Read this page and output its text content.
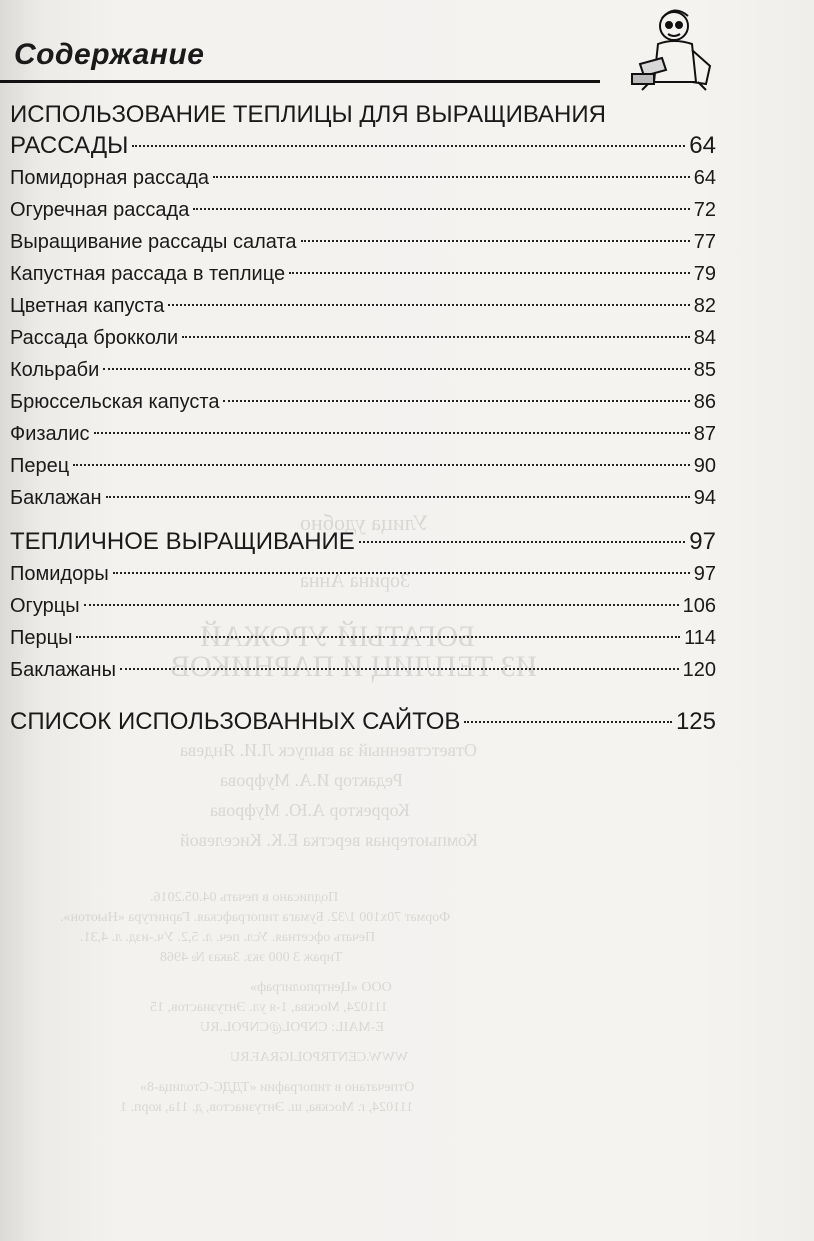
Содержание
ИСПОЛЬЗОВАНИЕ ТЕПЛИЦЫ ДЛЯ ВЫРАЩИВАНИЯ
РАССАДЫ	64
Помидорная рассада	64
Огуречная рассада	72
Выращивание рассады салата	77
Капустная рассада в теплице	79
Цветная капуста	82
Рассада брокколи	84
Кольраби	85
Брюссельская капуста	86
Физалис	87
Перец	90
Баклажан	94
ТЕПЛИЧНОЕ ВЫРАЩИВАНИЕ	97
Помидоры	97
Огурцы	106
Перцы	114
Баклажаны	120
СПИСОК ИСПОЛЬЗОВАННЫХ САЙТОВ	125
Улица удобно
Зорина Анна
БОГАТЫЙ УРОЖАЙ
ИЗ ТЕПЛИЦ И ПАРНИКОВ
Ответственный за выпуск Л.И. Яндева
Редактор И.А. Муфрова
Корректор А.Ю. Муфрова
Компьютерная верстка Е.К. Киселевой
Подписано в печать 04.05.2016.
Формат 70x100 1/32. Бумага типографская. Гарнитура «Ньютон».
Печать офсетная. Усл. печ. л. 5,2. Уч.-изд. л. 4,31.
Тираж 3 000 экз. Заказ № 4968
ООО «Центрполиграф»
111024, Москва, 1-я ул. Энтузиастов, 15
E-MAIL: CNPOL@CNPOL.RU
WWW.CENTRPOLIGRAF.RU
Отпечатано в типографии «ТДДС-Столица-8»
111024, г. Москва, ш. Энтузиастов, д. 11а, корп. 1
